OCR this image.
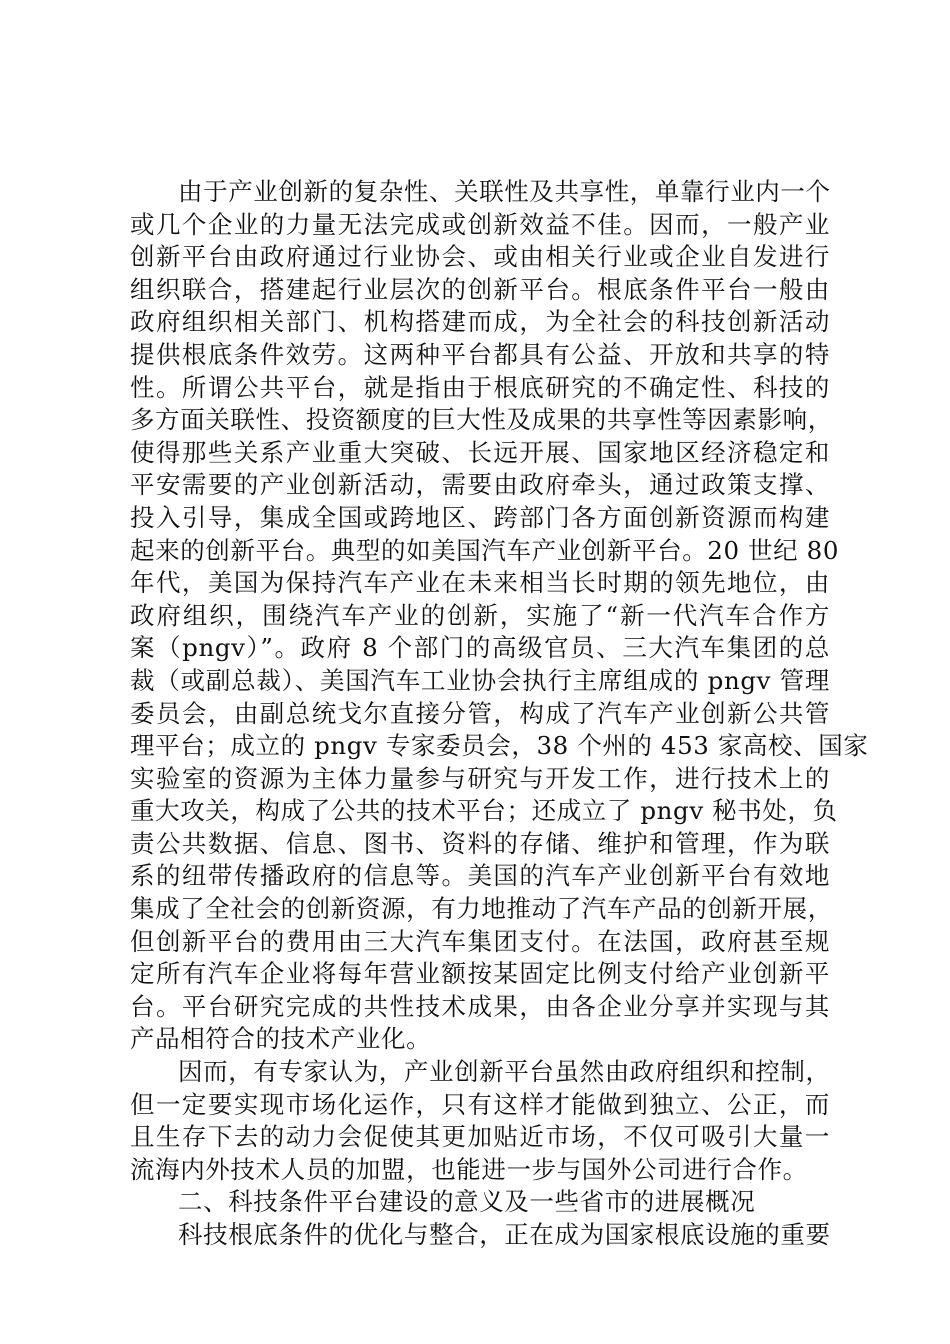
由于产业创新的复杂性、关联性及共享性，单靠行业内一个
或几个企业的力量无法完成或创新效益不佳。因而，一般产业
创新平台由政府通过行业协会、或由相关行业或企业自发进行
组织联合，搭建起行业层次的创新平台。根底条件平台一般由
政府组织相关部门、机构搭建而成，为全社会的科技创新活动
提供根底条件效劳。这两种平台都具有公益、开放和共享的特
性。所谓公共平台，就是指由于根底研究的不确定性、科技的
多方面关联性、投资额度的巨大性及成果的共享性等因素影响，
使得那些关系产业重大突破、长远开展、国家地区经济稳定和
平安需要的产业创新活动，需要由政府牵头，通过政策支撑、
投入引导，集成全国或跨地区、跨部门各方面创新资源而构建
起来的创新平台。典型的如美国汽车产业创新平台。20 世纪 80
年代，美国为保持汽车产业在未来相当长时期的领先地位，由
政府组织，围绕汽车产业的创新，实施了“新一代汽车合作方
案（pngv）”。政府 8 个部门的高级官员、三大汽车集团的总
裁（或副总裁）、美国汽车工业协会执行主席组成的 pngv 管理
委员会，由副总统戈尔直接分管，构成了汽车产业创新公共管
理平台；成立的 pngv 专家委员会，38 个州的 453 家高校、国家
实验室的资源为主体力量参与研究与开发工作，进行技术上的
重大攻关，构成了公共的技术平台；还成立了 pngv 秘书处，负
责公共数据、信息、图书、资料的存储、维护和管理，作为联
系的纽带传播政府的信息等。美国的汽车产业创新平台有效地
集成了全社会的创新资源，有力地推动了汽车产品的创新开展，
但创新平台的费用由三大汽车集团支付。在法国，政府甚至规
定所有汽车企业将每年营业额按某固定比例支付给产业创新平
台。平台研究完成的共性技术成果，由各企业分享并实现与其
产品相符合的技术产业化。
因而，有专家认为，产业创新平台虽然由政府组织和控制，
但一定要实现市场化运作，只有这样才能做到独立、公正，而
且生存下去的动力会促使其更加贴近市场，不仅可吸引大量一
流海内外技术人员的加盟，也能进一步与国外公司进行合作。
二、科技条件平台建设的意义及一些省市的进展概况
科技根底条件的优化与整合，正在成为国家根底设施的重要
